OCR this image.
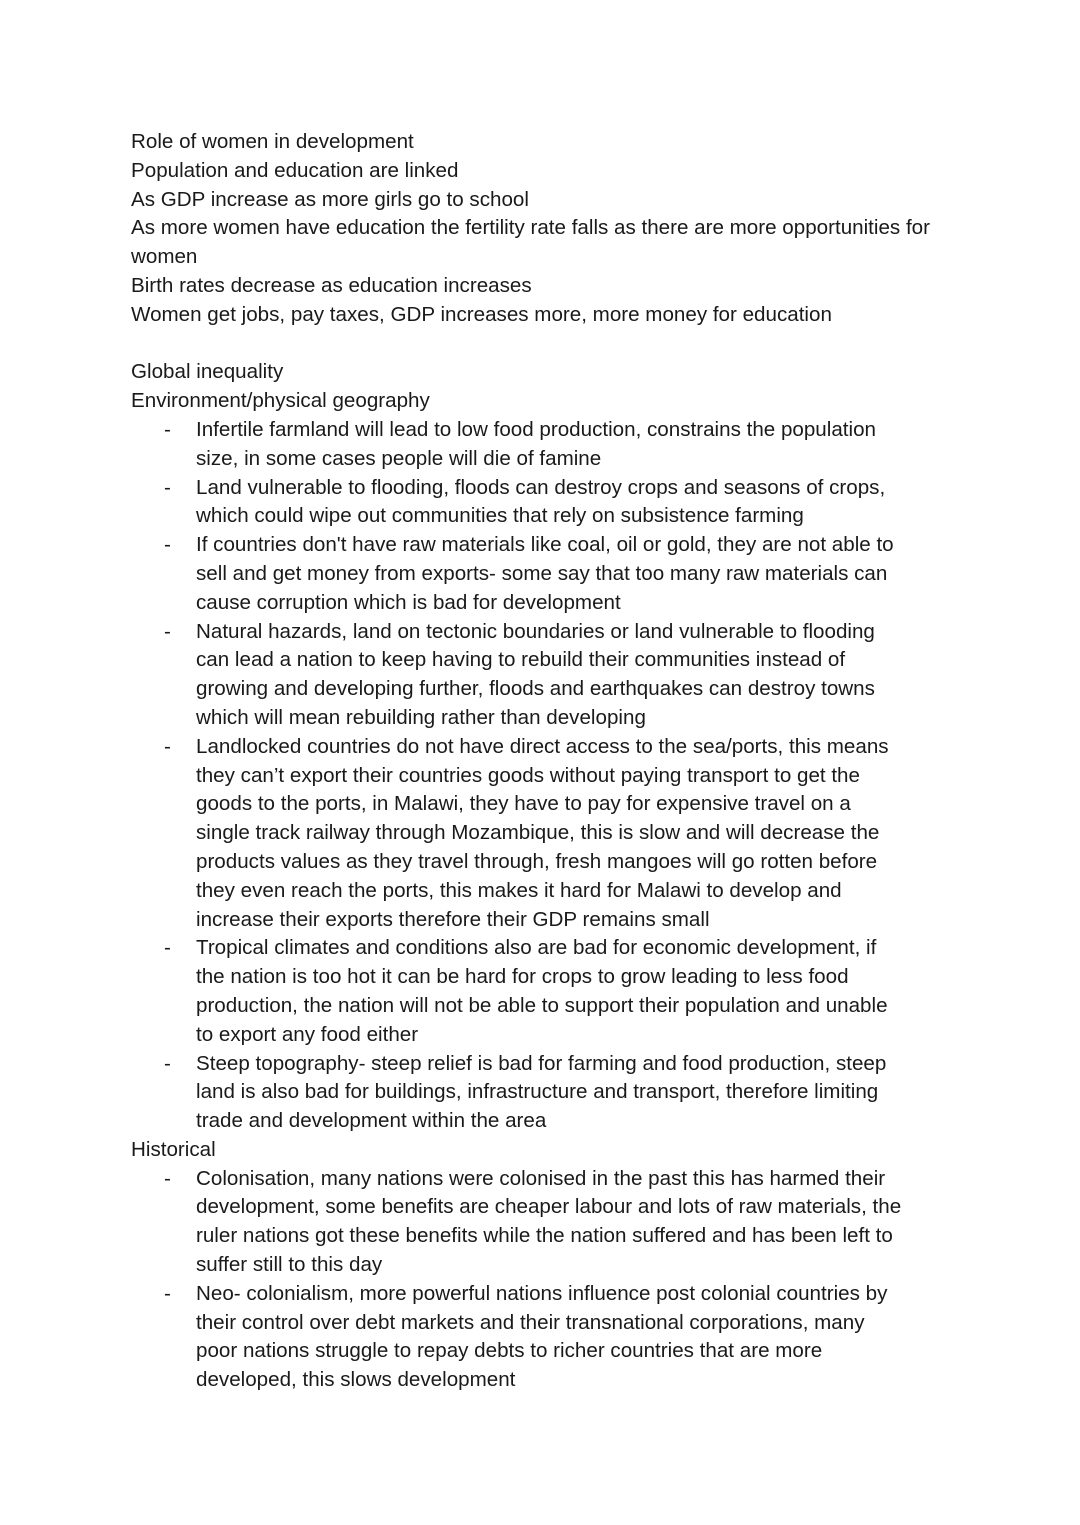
Role of women in development
Population and education are linked
As GDP increase as more girls go to school
As more women have education the fertility rate falls as there are more opportunities for women
Birth rates decrease as education increases
Women get jobs, pay taxes, GDP increases more, more money for education
Global inequality
Environment/physical geography
- Infertile farmland will lead to low food production, constrains the population
size, in some cases people will die of famine
- Land vulnerable to flooding, floods can destroy crops and seasons of crops,
which could wipe out communities that rely on subsistence farming
- If countries don't have raw materials like coal, oil or gold, they are not able to
sell and get money from exports- some say that too many raw materials can
cause corruption which is bad for development
- Natural hazards, land on tectonic boundaries or land vulnerable to flooding
can lead a nation to keep having to rebuild their communities instead of
growing and developing further, floods and earthquakes can destroy towns
which will mean rebuilding rather than developing
- Landlocked countries do not have direct access to the sea/ports, this means
they can’t export their countries goods without paying transport to get the
goods to the ports, in Malawi, they have to pay for expensive travel on a
single track railway through Mozambique, this is slow and will decrease the
products values as they travel through, fresh mangoes will go rotten before
they even reach the ports, this makes it hard for Malawi to develop and
increase their exports therefore their GDP remains small
- Tropical climates and conditions also are bad for economic development, if
the nation is too hot it can be hard for crops to grow leading to less food
production, the nation will not be able to support their population and unable
to export any food either
- Steep topography- steep relief is bad for farming and food production, steep
land is also bad for buildings, infrastructure and transport, therefore limiting
trade and development within the area
Historical
- Colonisation, many nations were colonised in the past this has harmed their
development, some benefits are cheaper labour and lots of raw materials, the
ruler nations got these benefits while the nation suffered and has been left to
suffer still to this day
- Neo- colonialism, more powerful nations influence post colonial countries by
their control over debt markets and their transnational corporations, many
poor nations struggle to repay debts to richer countries that are more
developed, this slows development
